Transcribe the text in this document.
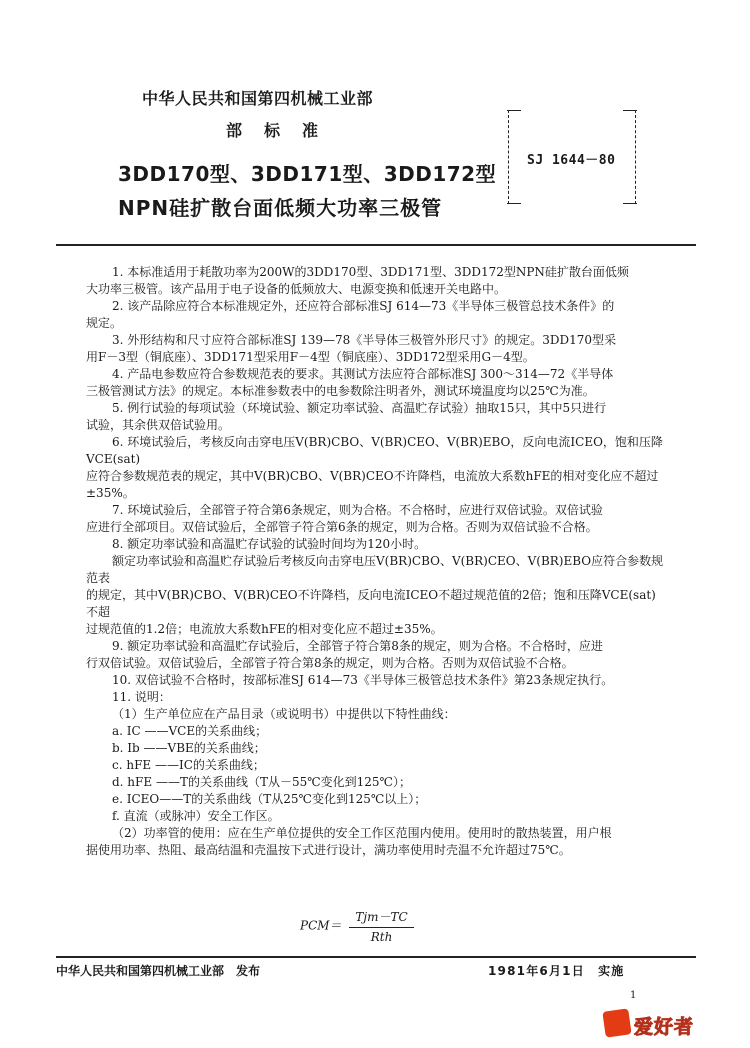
中华人民共和国第四机械工业部
部标准
3DD170型、3DD171型、3DD172型
NPN硅扩散台面低频大功率三极管
SJ 1644－80

1. 本标准适用于耗散功率为200W的3DD170型、3DD171型、3DD172型NPN硅扩散台面低频

大功率三极管。该产品用于电子设备的低频放大、电源变换和低速开关电路中。

2. 该产品除应符合本标准规定外，还应符合部标准SJ 614—73《半导体三极管总技术条件》的

规定。

3. 外形结构和尺寸应符合部标准SJ 139—78《半导体三极管外形尺寸》的规定。3DD170型采

用F－3型（铜底座）、3DD171型采用F－4型（铜底座）、3DD172型采用G－4型。

4. 产品电参数应符合参数规范表的要求。其测试方法应符合部标准SJ 300～314—72《半导体

三极管测试方法》的规定。本标准参数表中的电参数除注明者外，测试环境温度均以25℃为准。

5. 例行试验的每项试验（环境试验、额定功率试验、高温贮存试验）抽取15只，其中5只进行

试验，其余供双倍试验用。

6. 环境试验后，考核反向击穿电压V(BR)CBO、V(BR)CEO、V(BR)EBO，反向电流ICEO，饱和压降VCE(sat)

应符合参数规范表的规定，其中V(BR)CBO、V(BR)CEO不许降档，电流放大系数hFE的相对变化应不超过

±35%。

7. 环境试验后，全部管子符合第6条规定，则为合格。不合格时，应进行双倍试验。双倍试验

应进行全部项目。双倍试验后，全部管子符合第6条的规定，则为合格。否则为双倍试验不合格。

8. 额定功率试验和高温贮存试验的试验时间均为120小时。

额定功率试验和高温贮存试验后考核反向击穿电压V(BR)CBO、V(BR)CEO、V(BR)EBO应符合参数规范表

的规定，其中V(BR)CBO、V(BR)CEO不许降档，反向电流ICEO不超过规范值的2倍；饱和压降VCE(sat)不超

过规范值的1.2倍；电流放大系数hFE的相对变化应不超过±35%。

9. 额定功率试验和高温贮存试验后，全部管子符合第8条的规定，则为合格。不合格时，应进

行双倍试验。双倍试验后，全部管子符合第8条的规定，则为合格。否则为双倍试验不合格。

10. 双倍试验不合格时，按部标准SJ 614—73《半导体三极管总技术条件》第23条规定执行。

11. 说明：

（1）生产单位应在产品目录（或说明书）中提供以下特性曲线：

a. IC ——VCE的关系曲线；

b. Ib ——VBE的关系曲线；

c. hFE ——IC的关系曲线；

d. hFE ——T的关系曲线（T从－55℃变化到125℃）；

e. ICEO——T的关系曲线（T从25℃变化到125℃以上）；

f. 直流（或脉冲）安全工作区。

（2）功率管的使用：应在生产单位提供的安全工作区范围内使用。使用时的散热装置，用户根

据使用功率、热阻、最高结温和壳温按下式进行设计，满功率使用时壳温不允许超过75℃。

$PCM= \frac{\text{Tjm－TC}}{\text{Rth}}$
中华人民共和国第四机械工业部　发布	1981年6月1日　实施
1
爱好者
